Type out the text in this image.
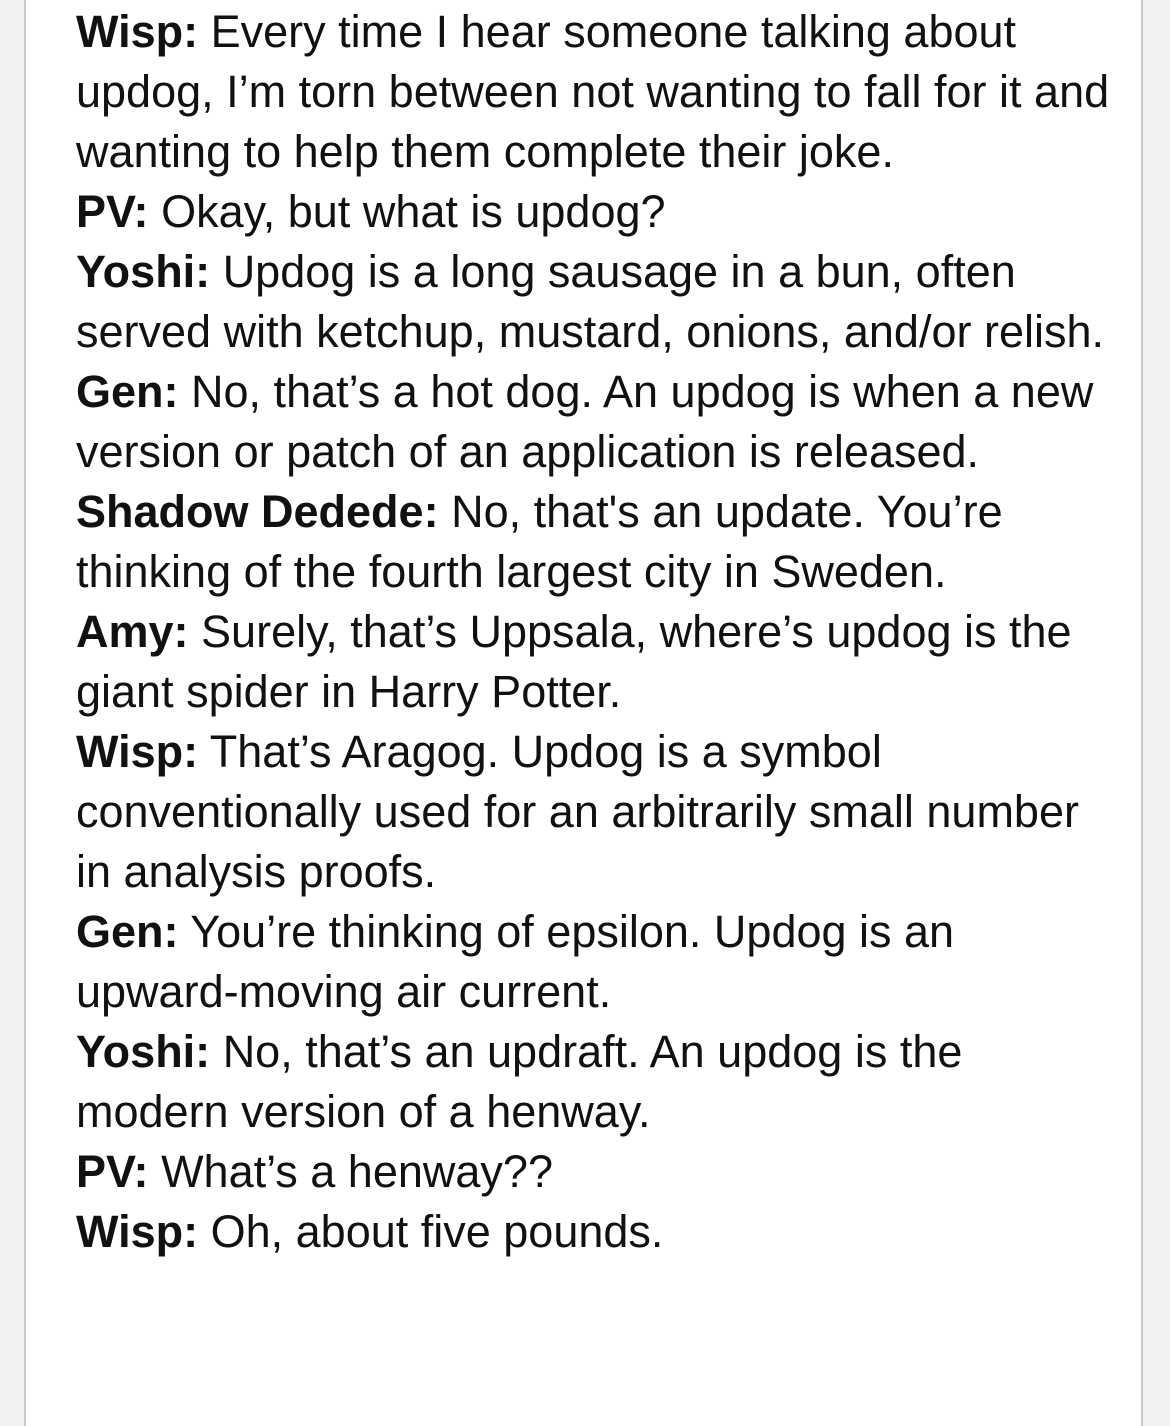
Wisp: Every time I hear someone talking about updog, I’m torn between not wanting to fall for it and wanting to help them complete their joke.
PV: Okay, but what is updog?
Yoshi: Updog is a long sausage in a bun, often served with ketchup, mustard, onions, and/or relish.
Gen: No, that’s a hot dog. An updog is when a new version or patch of an application is released.
Shadow Dedede: No, that's an update. You’re thinking of the fourth largest city in Sweden.
Amy: Surely, that’s Uppsala, where’s updog is the giant spider in Harry Potter.
Wisp: That’s Aragog. Updog is a symbol conventionally used for an arbitrarily small number in analysis proofs.
Gen: You’re thinking of epsilon. Updog is an upward-moving air current.
Yoshi: No, that’s an updraft. An updog is the modern version of a henway.
PV: What’s a henway??
Wisp: Oh, about five pounds.
